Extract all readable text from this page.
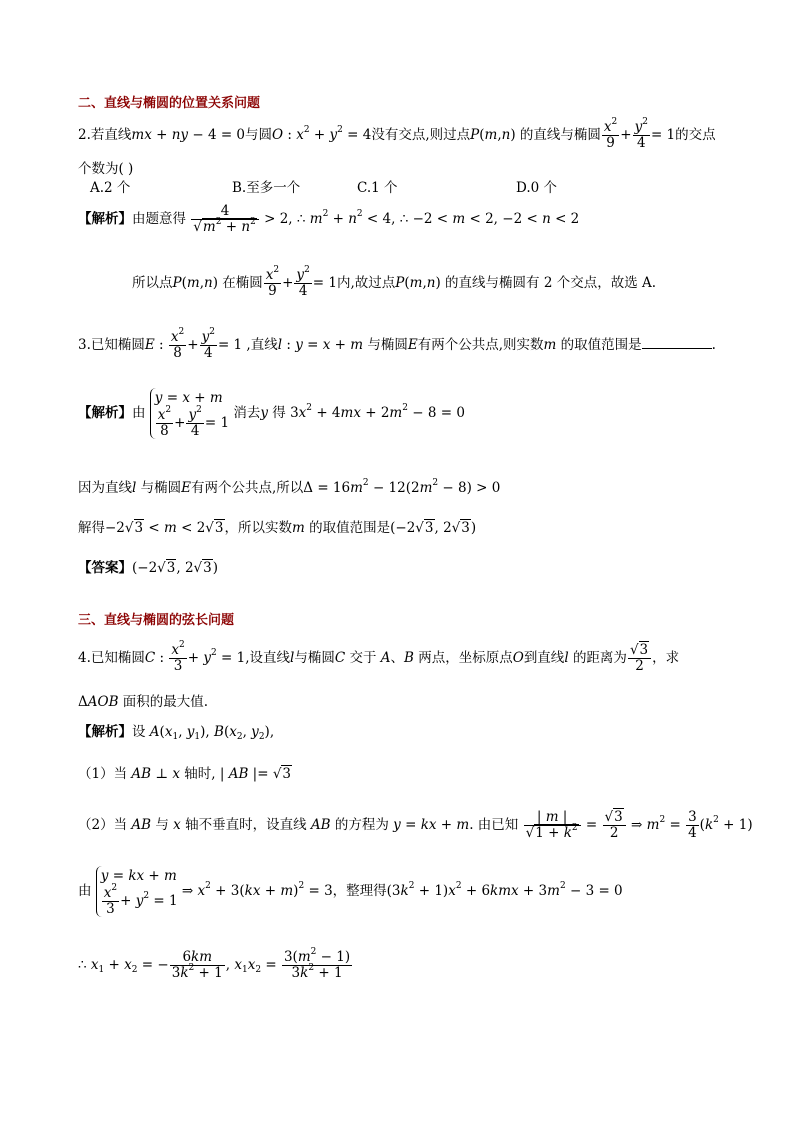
二、直线与椭圆的位置关系问题
2.若直线mx + ny − 4 = 0与圆O : $x^2 + y^2 = 4$没有交点,则过点P(m,n) 的直线与椭圆 $\frac{x^2}{9} + \frac{y^2}{4} = 1$的交点
个数为( )
A.2 个	B.至多一个	C.1 个	D.0 个
【解析】由题意得 $\frac{4}{√m^2 + n^2} > 2$, ∴ $m^2 + n^2 < 4$, ∴ −2 < m < 2, −2 < n < 2
所以点P(m,n) 在椭圆 $\frac{x^2}{9} + \frac{y^2}{4} = 1$内,故过点P(m,n) 的直线与椭圆有 2 个交点，故选 A.
3.已知椭圆E : $\frac{x^2}{8} + \frac{y^2}{4} = 1$ ,直线l : y = x + m 与椭圆E有两个公共点,则实数m 的取值范围是	.
【解析】由
y = x + m
$\frac{x^2}{8} + \frac{y^2}{4} = 1$
消去y 得 $3x^2 + 4mx + 2m^2 - 8 = 0$
因为直线l 与椭圆E有两个公共点,所以$\Delta = 16m^2 - 12(2m^2 - 8) > 0$
解得−2√3 < m < 2√3，所以实数m 的取值范围是(−2√3, 2√3)
【答案】(−2√3, 2√3)
三、直线与椭圆的弦长问题
4.已知椭圆C : $\frac{x^2}{3} + y^2 = 1$,设直线l与椭圆C 交于 A、B 两点，坐标原点O到直线l 的距离为 $\frac{√3}{2}$ ，求
ΔAOB 面积的最大值.
【解析】设 $A(x_1$, $y_1$), $B(x_2$, $y_2$),
（1）当 AB ⊥ x 轴时, | AB |= √3
（2）当 AB 与 x 轴不垂直时，设直线 AB 的方程为 y = kx + m. 由已知 $\frac{| m |}{√1 + k^2} = \frac{√3}{2}$ ⇒ $m^2 = \frac{3}{4} (k^2 + 1)$
由
y = kx + m
$\frac{x^2}{3} + y^2 = 1$
⇒ $x^2 + 3(kx + m)^2 = 3$，整理得$(3k^2 + 1)x^2 + 6kmx + 3m^2 - 3 = 0$
∴ $x_1 + x_2$ = − $\frac{6km}{3k^2 + 1}$ , $x_1x_2 = \frac{3(m^2 - 1)}{3k^2 + 1}$
